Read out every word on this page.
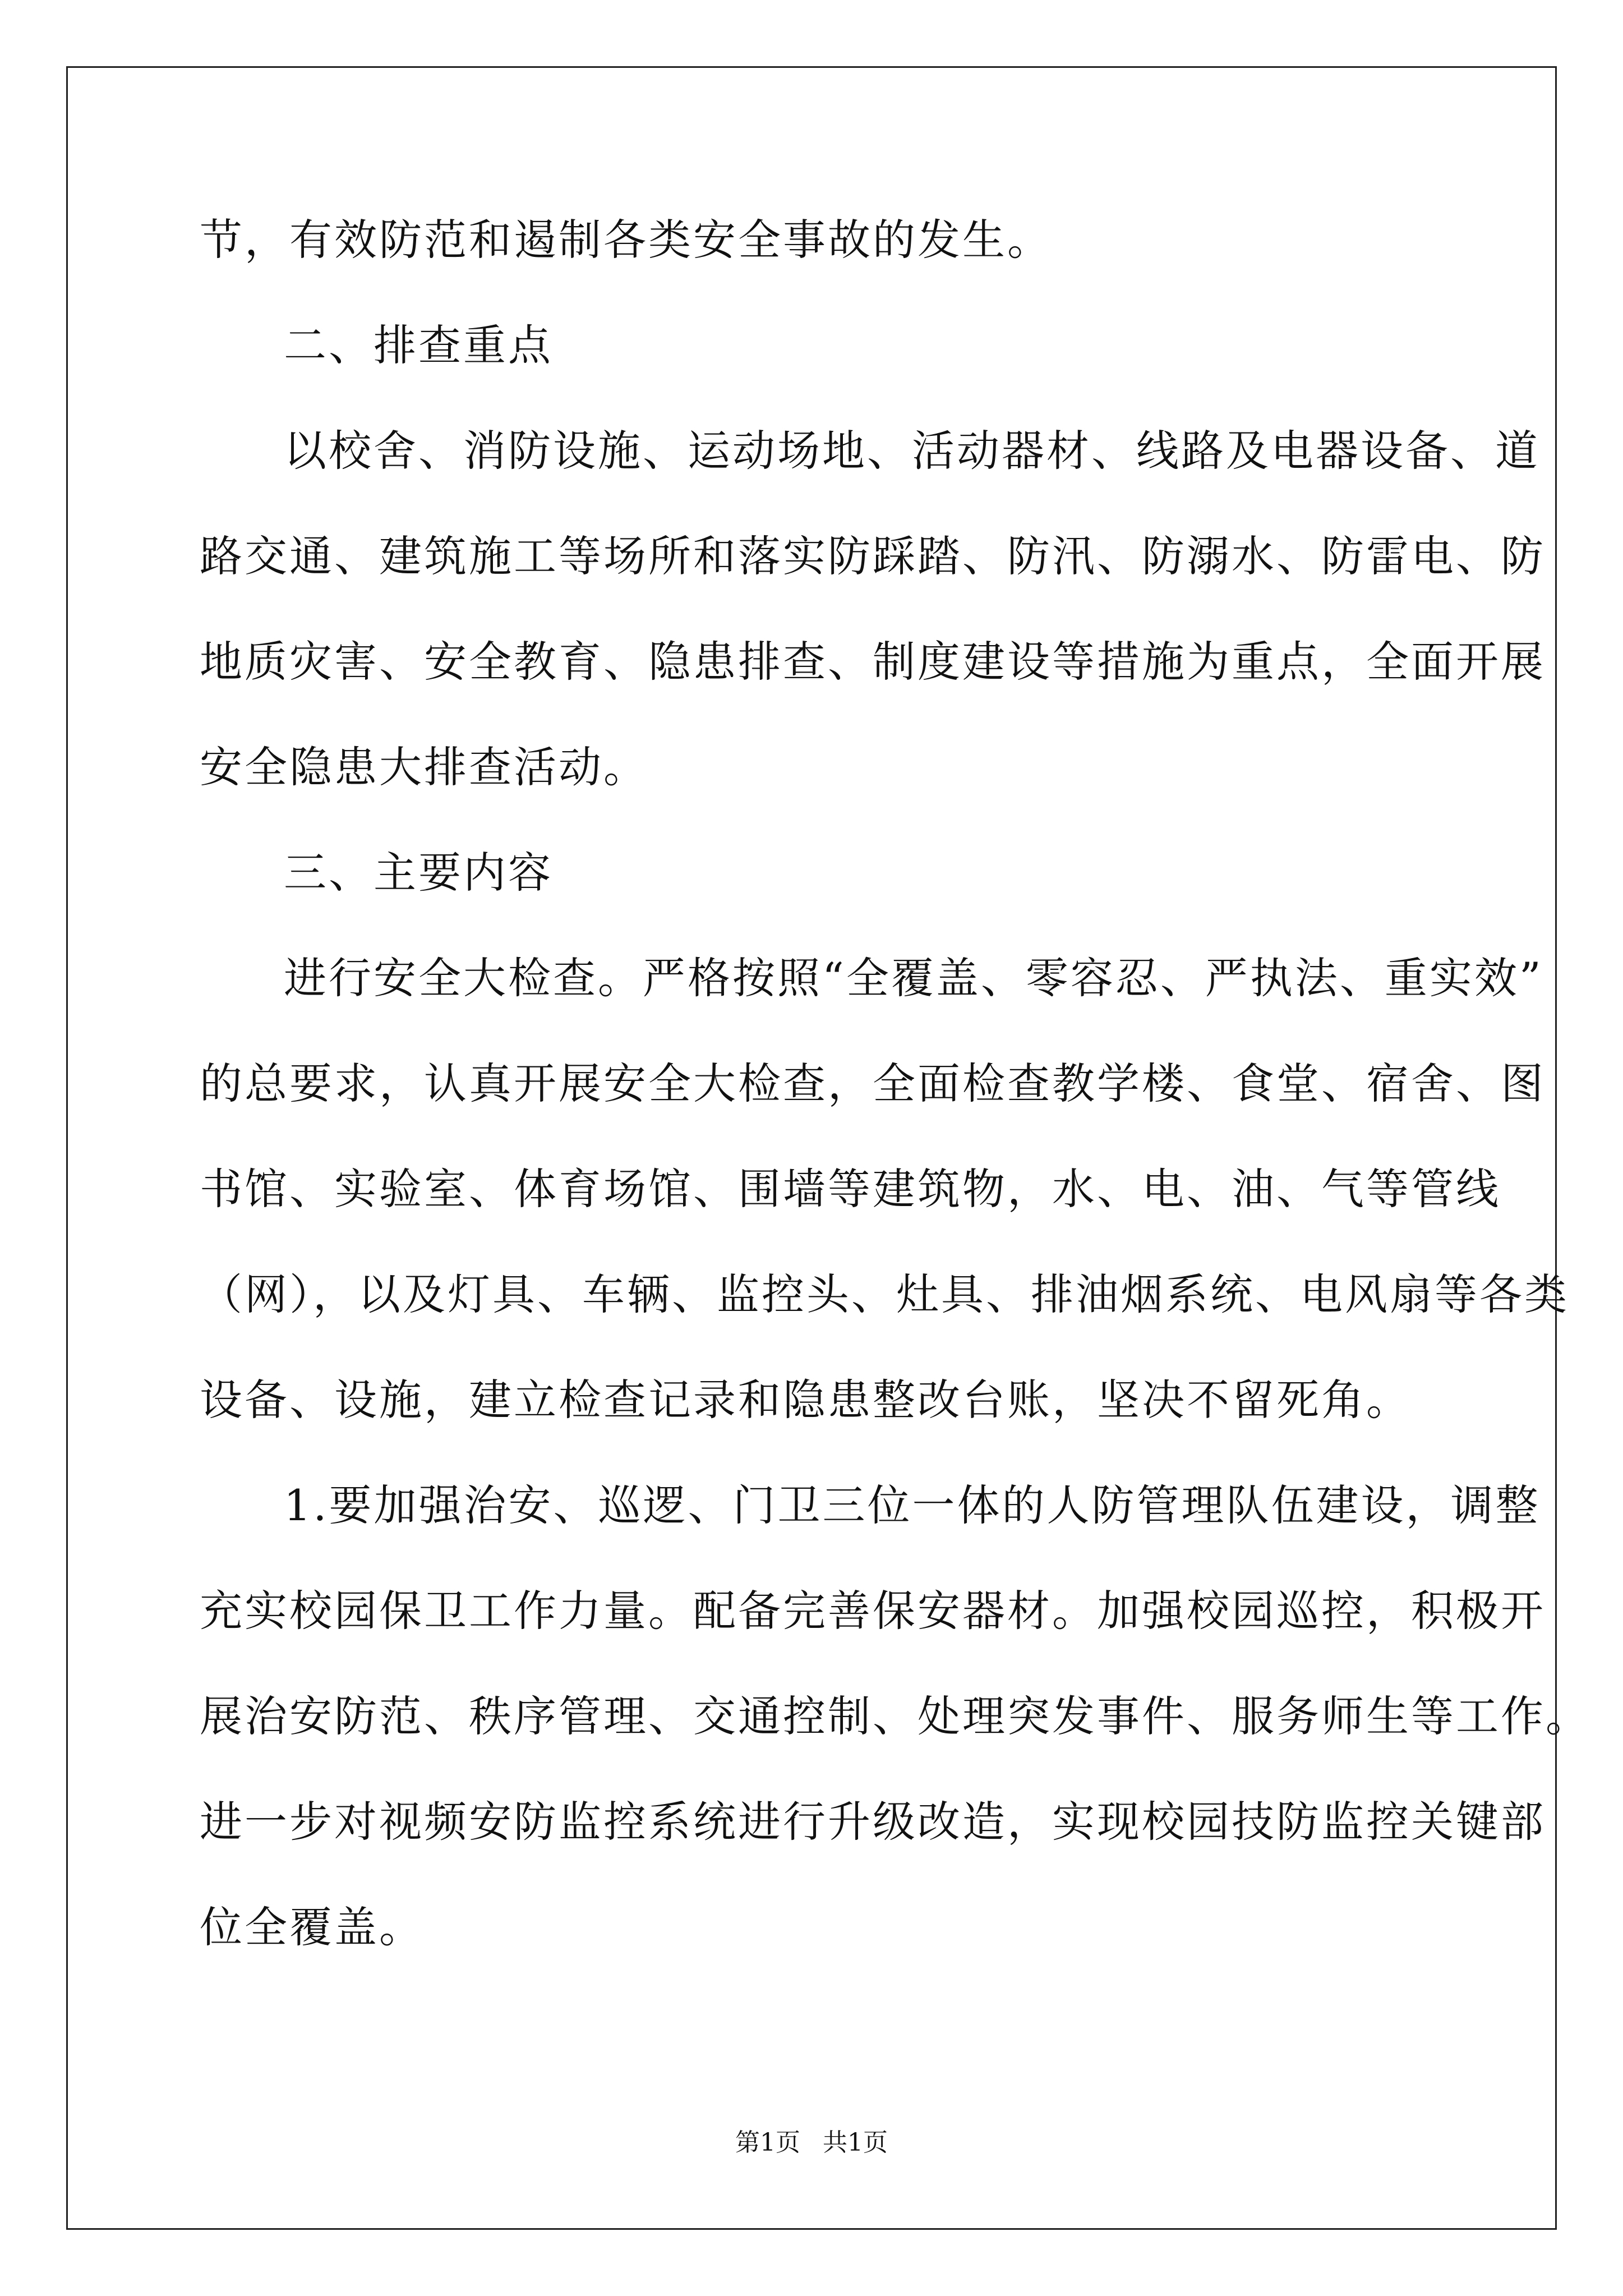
节，有效防范和遏制各类安全事故的发生。
二、排查重点
以校舍、消防设施、运动场地、活动器材、线路及电器设备、道
路交通、建筑施工等场所和落实防踩踏、防汛、防溺水、防雷电、防
地质灾害、安全教育、隐患排查、制度建设等措施为重点，全面开展
安全隐患大排查活动。
三、主要内容
进行安全大检查。严格按照“全覆盖、零容忍、严执法、重实效”
的总要求，认真开展安全大检查，全面检查教学楼、食堂、宿舍、图
书馆、实验室、体育场馆、围墙等建筑物，水、电、油、气等管线
（网），以及灯具、车辆、监控头、灶具、排油烟系统、电风扇等各类
设备、设施，建立检查记录和隐患整改台账，坚决不留死角。
1.要加强治安、巡逻、门卫三位一体的人防管理队伍建设，调整
充实校园保卫工作力量。配备完善保安器材。加强校园巡控，积极开
展治安防范、秩序管理、交通控制、处理突发事件、服务师生等工作。
进一步对视频安防监控系统进行升级改造，实现校园技防监控关键部
位全覆盖。
第1页 共1页
